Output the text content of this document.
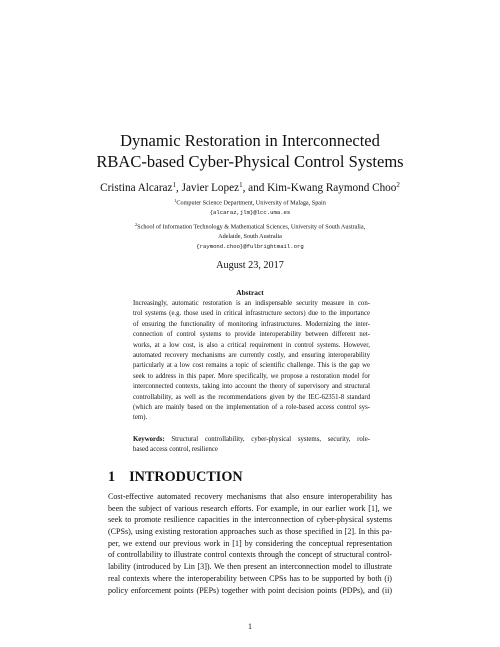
Dynamic Restoration in Interconnected
RBAC-based Cyber-Physical Control Systems
Cristina Alcaraz$^1$, Javier Lopez$^1$, and Kim-Kwang Raymond Choo$^2$
$^1$Computer Science Department, University of Malaga, Spain
{alcaraz,jlm}@lcc.uma.es
$^2$School of Information Technology & Mathematical Sciences, University of South Australia,
Adelaide, South Australia
{raymond.choo}@fulbrightmail.org
August 23, 2017
Abstract
Increasingly, automatic restoration is an indispensable security measure in con-
trol systems (e.g. those used in critical infrastructure sectors) due to the importance
of ensuring the functionality of monitoring infrastructures. Modernizing the inter-
connection of control systems to provide interoperability between different net-
works, at a low cost, is also a critical requirement in control systems. However,
automated recovery mechanisms are currently costly, and ensuring interoperability
particularly at a low cost remains a topic of scientific challenge. This is the gap we
seek to address in this paper. More specifically, we propose a restoration model for
interconnected contexts, taking into account the theory of supervisory and structural
controllability, as well as the recommendations given by the IEC-62351-8 standard
(which are mainly based on the implementation of a role-based access control sys-
tem).
Keywords: Structural controllability, cyber-physical systems, security, role-
based access control, resilience
1 INTRODUCTION
Cost-effective automated recovery mechanisms that also ensure interoperability has
been the subject of various research efforts. For example, in our earlier work [1], we
seek to promote resilience capacities in the interconnection of cyber-physical systems
(CPSs), using existing restoration approaches such as those specified in [2]. In this pa-
per, we extend our previous work in [1] by considering the conceptual representation
of controllability to illustrate control contexts through the concept of structural control-
lability (introduced by Lin [3]). We then present an interconnection model to illustrate
real contexts where the interoperability between CPSs has to be supported by both (i)
policy enforcement points (PEPs) together with point decision points (PDPs), and (ii)
1
